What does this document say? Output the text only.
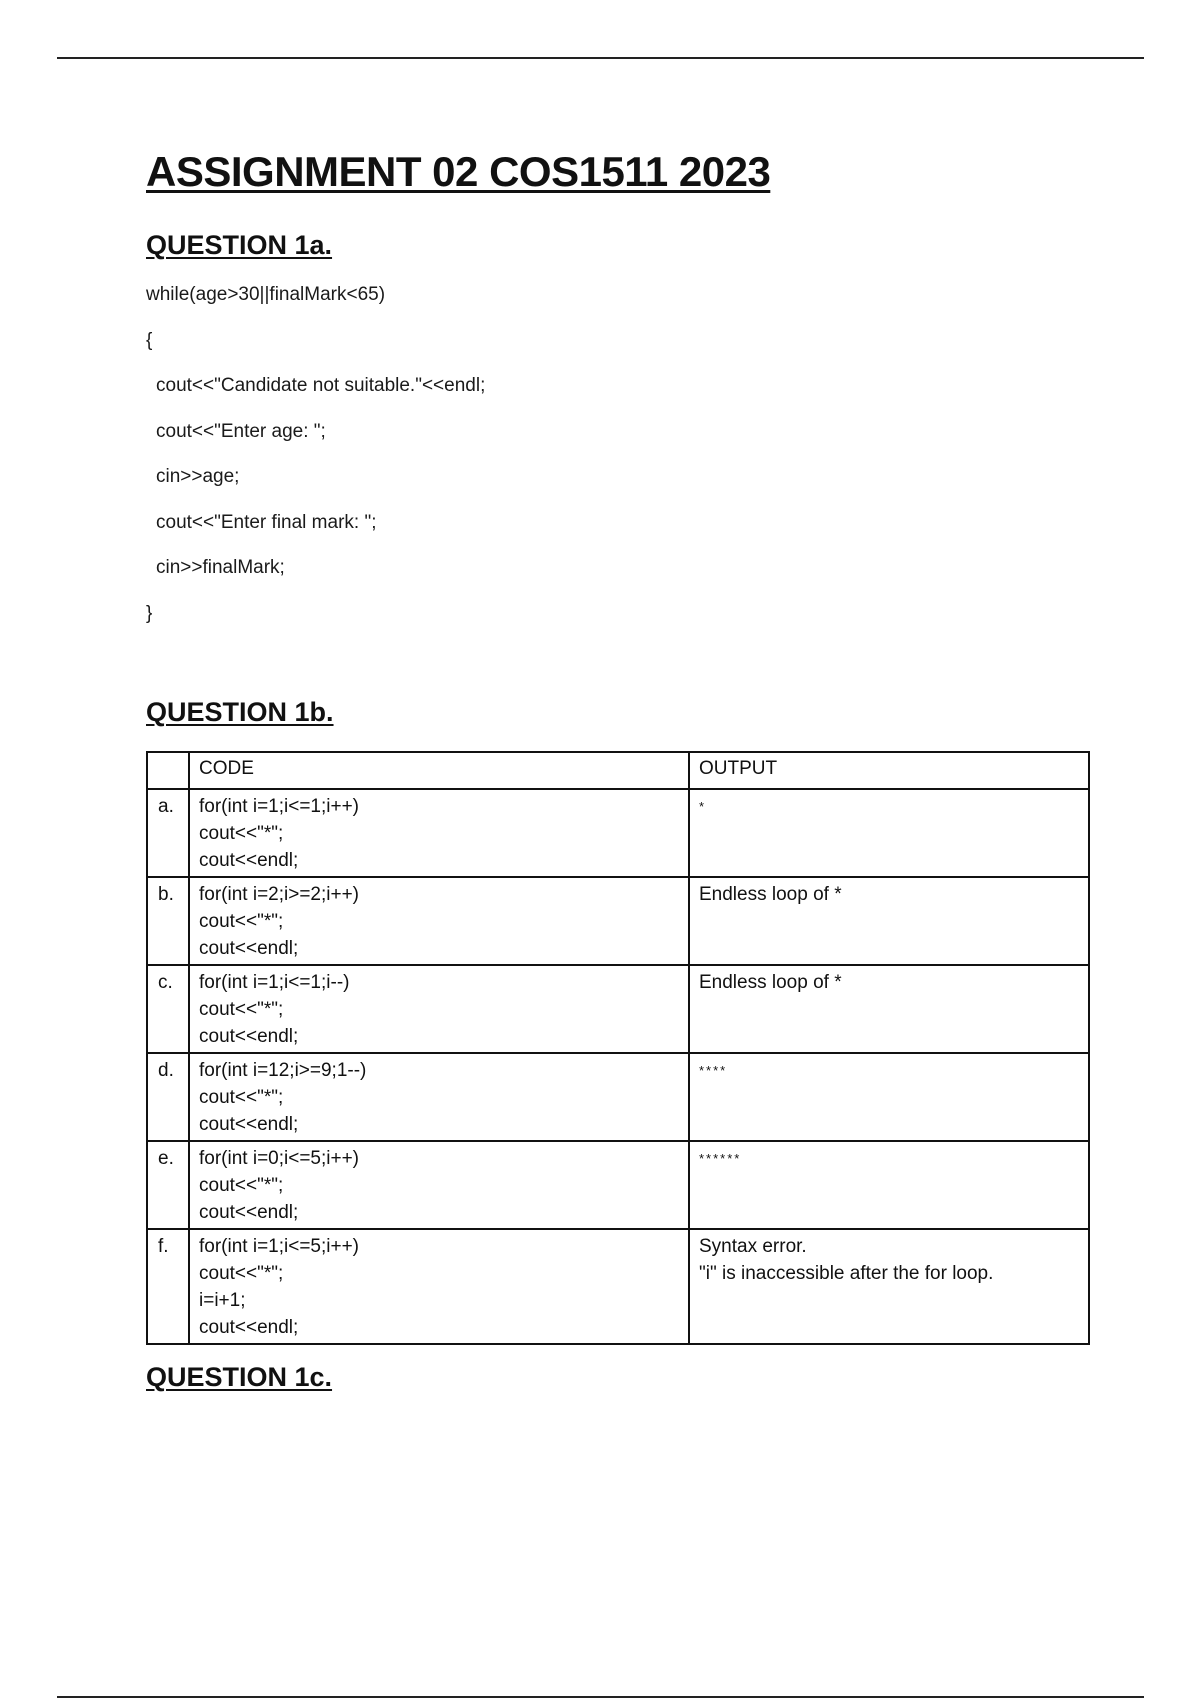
ASSIGNMENT 02 COS1511 2023
QUESTION 1a.
while(age>30||finalMark<65)
{
cout<<"Candidate not suitable."<<endl;
cout<<"Enter age: ";
cin>>age;
cout<<"Enter final mark: ";
cin>>finalMark;
}
QUESTION 1b.
	CODE	OUTPUT
a.	for(int i=1;i<=1;i++)
cout<<"*";
cout<<endl;	*

b.	for(int i=2;i>=2;i++)
cout<<"*";
cout<<endl;	Endless loop of *

c.	for(int i=1;i<=1;i--)
cout<<"*";
cout<<endl;	Endless loop of *

d.	for(int i=12;i>=9;1--)
cout<<"*";
cout<<endl;	****

e.	for(int i=0;i<=5;i++)
cout<<"*";
cout<<endl;	******

f.	for(int i=1;i<=5;i++)
cout<<"*";
i=i+1;
cout<<endl;	Syntax error.
"i" is inaccessible after the for loop.
QUESTION 1c.
